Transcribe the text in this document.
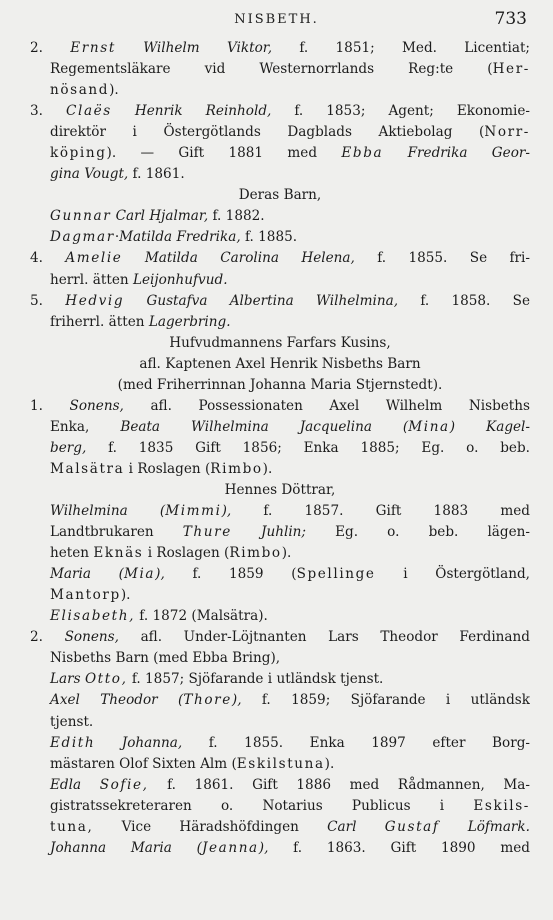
NISBETH.	733
2. Ernst Wilhelm Viktor, f. 1851; Med. Licentiat;
Regementsläkare vid Westernorrlands Reg:te (Her-
nösand).
3. Claës Henrik Reinhold, f. 1853; Agent; Ekonomie-
direktör i Östergötlands Dagblads Aktiebolag (Norr-
köping). — Gift 1881 med Ebba Fredrika Geor-
gina Vougt, f. 1861.
Deras Barn,
Gunnar Carl Hjalmar, f. 1882.
Dagmar·Matilda Fredrika, f. 1885.
4. Amelie Matilda Carolina Helena, f. 1855. Se fri-
herrl. ätten Leijonhufvud.
5. Hedvig Gustafva Albertina Wilhelmina, f. 1858. Se
friherrl. ätten Lagerbring.
Hufvudmannens Farfars Kusins,
afl. Kaptenen Axel Henrik Nisbeths Barn
(med Friherrinnan Johanna Maria Stjernstedt).
1. Sonens, afl. Possessionaten Axel Wilhelm Nisbeths
Enka, Beata Wilhelmina Jacquelina (Mina) Kagel-
berg, f. 1835 Gift 1856; Enka 1885; Eg. o. beb.
Malsätra i Roslagen (Rimbo).
Hennes Döttrar,
Wilhelmina (Mimmi), f. 1857. Gift 1883 med
Landtbrukaren Thure Juhlin; Eg. o. beb. lägen-
heten Eknäs i Roslagen (Rimbo).
Maria (Mia), f. 1859 (Spellinge i Östergötland,
Mantorp).
Elisabeth, f. 1872 (Malsätra).
2. Sonens, afl. Under-Löjtnanten Lars Theodor Ferdinand
Nisbeths Barn (med Ebba Bring),
Lars Otto, f. 1857; Sjöfarande i utländsk tjenst.
Axel Theodor (Thore), f. 1859; Sjöfarande i utländsk
tjenst.
Edith Johanna, f. 1855. Enka 1897 efter Borg-
mästaren Olof Sixten Alm (Eskilstuna).
Edla Sofie, f. 1861. Gift 1886 med Rådmannen, Ma-
gistratssekreteraren o. Notarius Publicus i Eskils-
tuna, Vice Häradshöfdingen Carl Gustaf Löfmark.
Johanna Maria (Jeanna), f. 1863. Gift 1890 med
